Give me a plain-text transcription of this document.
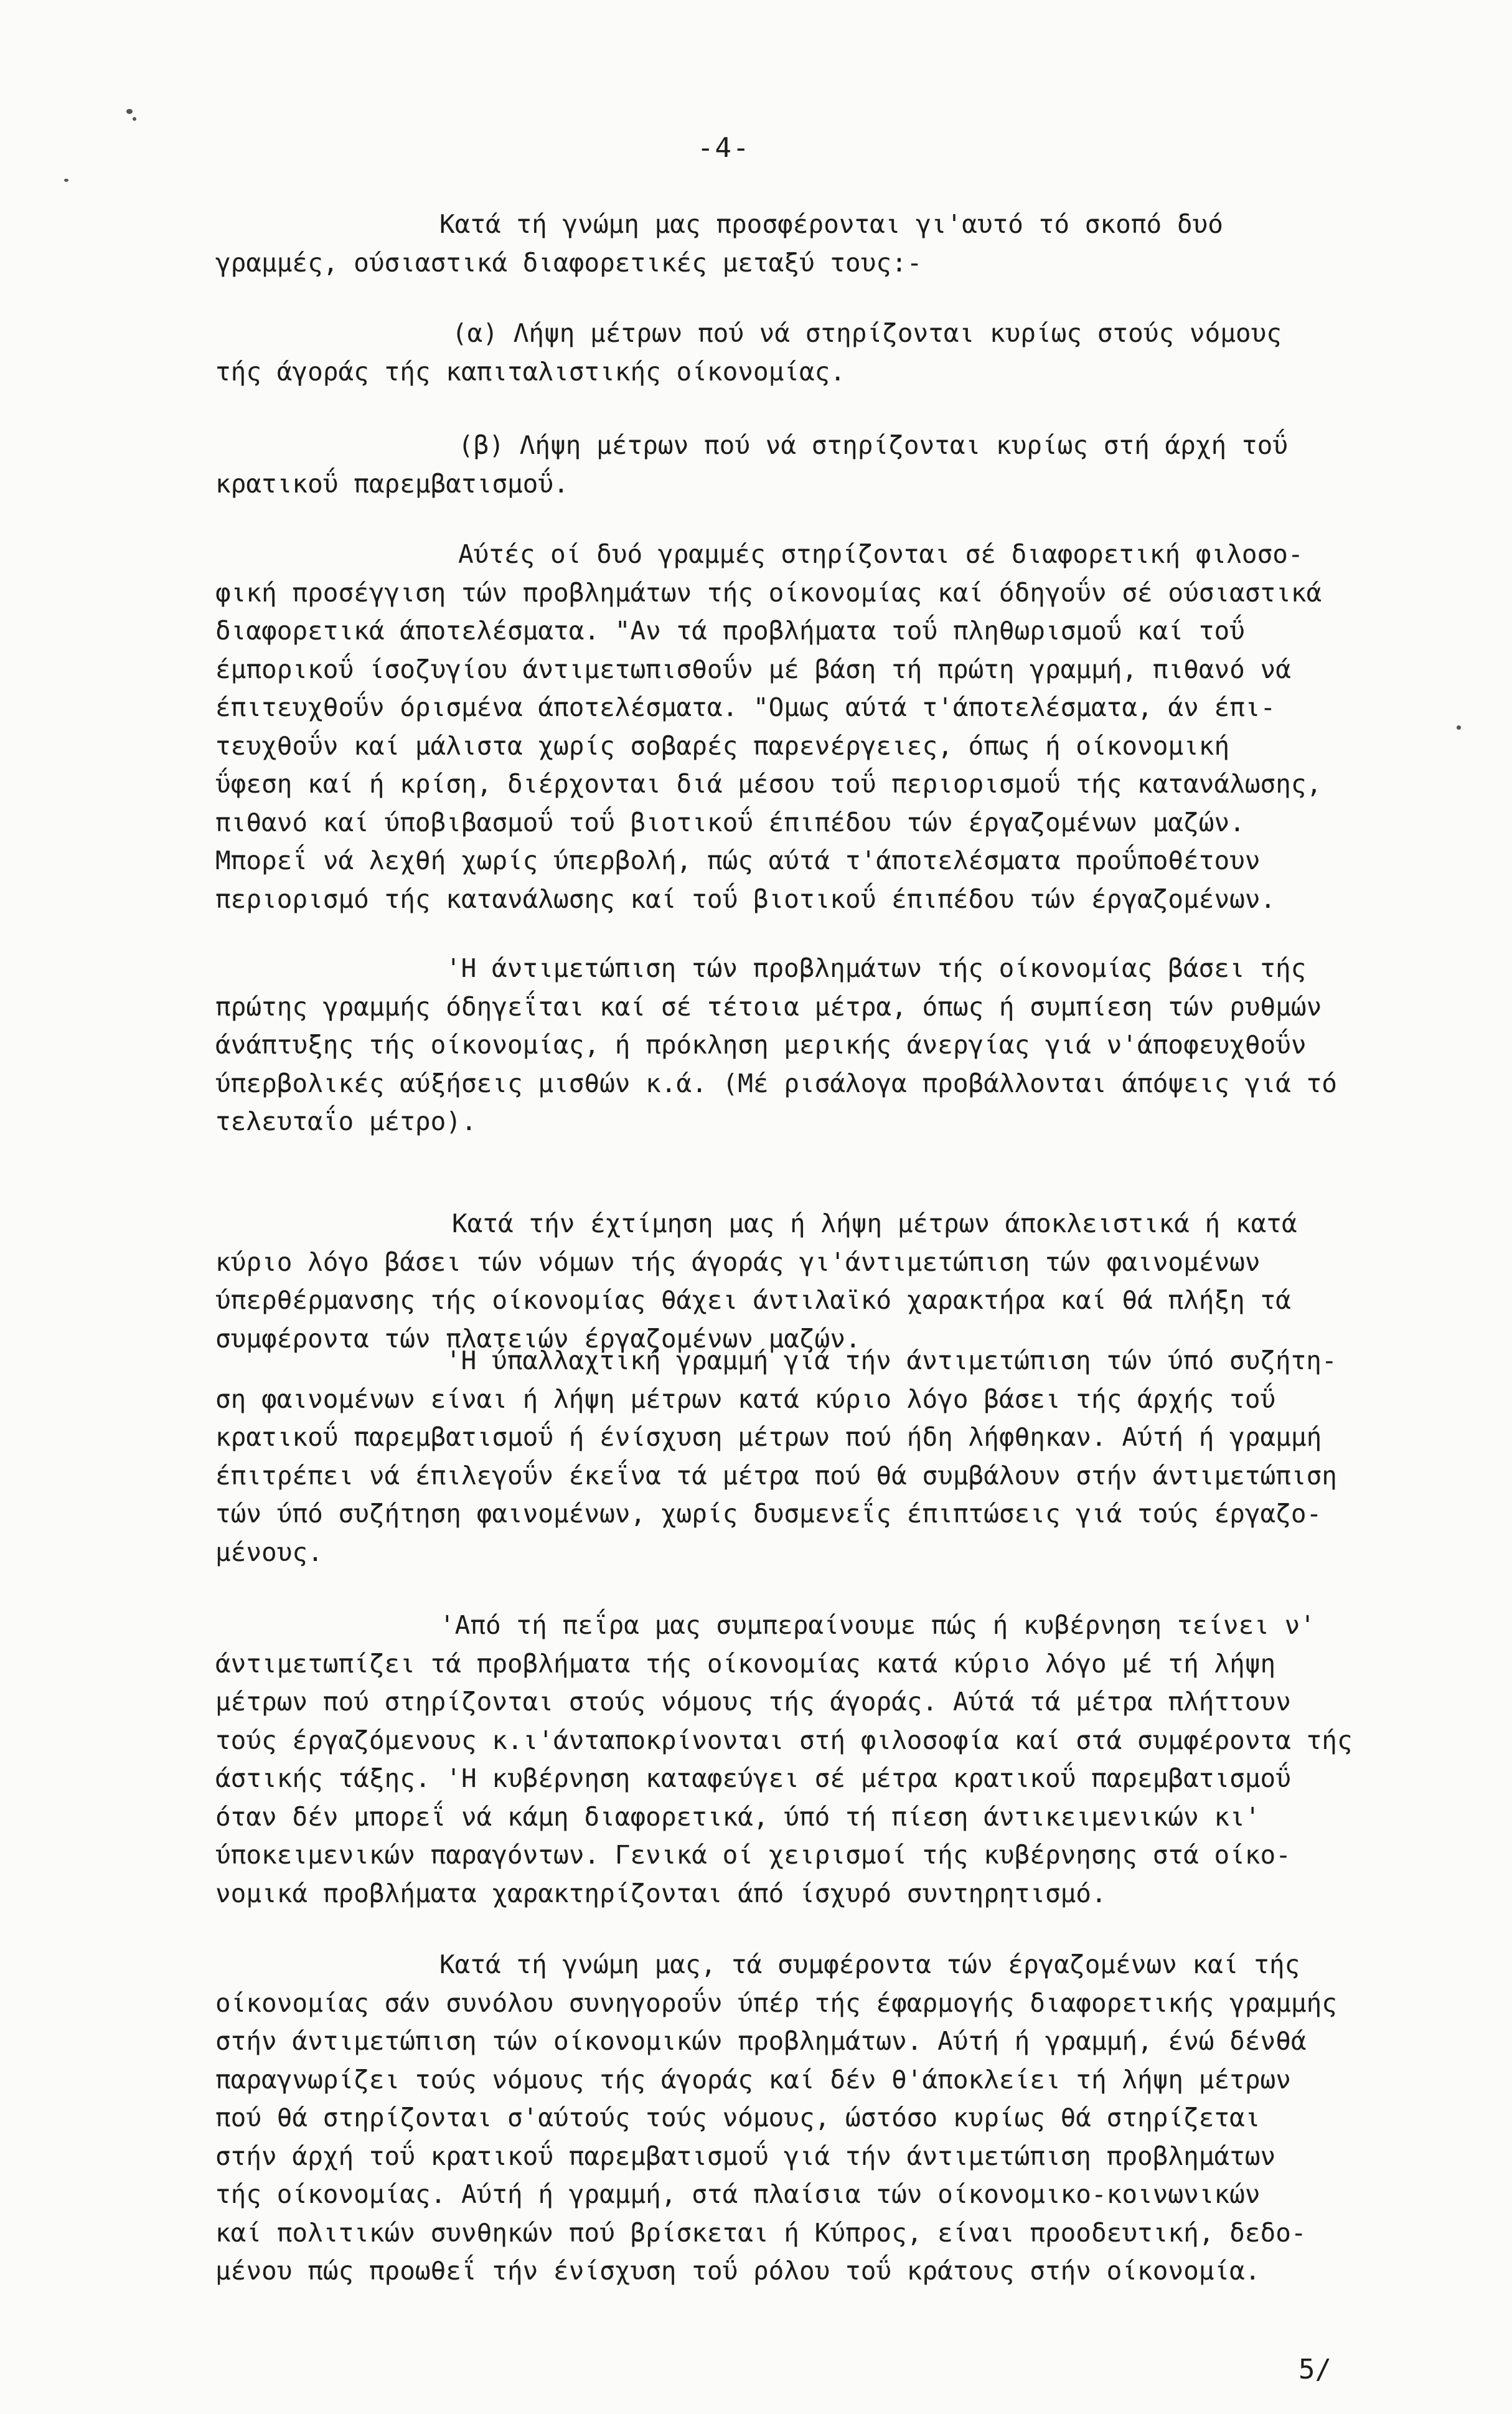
-4-

Κατά τή γνώμη μας προσφέρονται γι'αυτό τό σκοπό δυό
γραμμές, ούσιαστικά διαφορετικές μεταξύ τους:-

(α) Λήψη μέτρων πού νά στηρίζονται κυρίως στούς νόμους
τής άγοράς τής καπιταλιστικής οίκονομίας.

(β) Λήψη μέτρων πού νά στηρίζονται κυρίως στή άρχή τοΰ
κρατικοΰ παρεμβατισμοΰ.

Αύτές οί δυό γραμμές στηρίζονται σέ διαφορετική φιλοσο-
φική προσέγγιση τών προβλημάτων τής οίκονομίας καί όδηγοΰν σέ ούσιαστικά
διαφορετικά άποτελέσματα. "Αν τά προβλήματα τοΰ πληθωρισμοΰ καί τοΰ
έμπορικοΰ ίσοζυγίου άντιμετωπισθοΰν μέ βάση τή πρώτη γραμμή, πιθανό νά
έπιτευχθοΰν όρισμένα άποτελέσματα. "Ομως αύτά τ'άποτελέσματα, άν έπι-
τευχθοΰν καί μάλιστα χωρίς σοβαρές παρενέργειες, όπως ή οίκονομική
ΰφεση καί ή κρίση, διέρχονται διά μέσου τοΰ περιορισμοΰ τής κατανάλωσης,
πιθανό καί ύποβιβασμοΰ τοΰ βιοτικοΰ έπιπέδου τών έργαζομένων μαζών.
Μπορεΐ νά λεχθή χωρίς ύπερβολή, πώς αύτά τ'άποτελέσματα προΰποθέτουν
περιορισμό τής κατανάλωσης καί τοΰ βιοτικοΰ έπιπέδου τών έργαζομένων.

'Η άντιμετώπιση τών προβλημάτων τής οίκονομίας βάσει τής
πρώτης γραμμής όδηγεΐται καί σέ τέτοια μέτρα, όπως ή συμπίεση τών ρυθμών
άνάπτυξης τής οίκονομίας, ή πρόκληση μερικής άνεργίας γιά ν'άποφευχθοΰν
ύπερβολικές αύξήσεις μισθών κ.ά. (Μέ ρισάλογα προβάλλονται άπόψεις γιά τό
τελευταΐο μέτρο).

Κατά τήν έχτίμηση μας ή λήψη μέτρων άποκλειστικά ή κατά
κύριο λόγο βάσει τών νόμων τής άγοράς γι'άντιμετώπιση τών φαινομένων
ύπερθέρμανσης τής οίκονομίας θάχει άντιλαϊκό χαρακτήρα καί θά πλήξη τά
συμφέροντα τών πλατειών έργαζομένων μαζών.

'Η ύπαλλαχτική γραμμή γιά τήν άντιμετώπιση τών ύπό συζήτη-
ση φαινομένων είναι ή λήψη μέτρων κατά κύριο λόγο βάσει τής άρχής τοΰ
κρατικοΰ παρεμβατισμοΰ ή ένίσχυση μέτρων πού ήδη λήφθηκαν. Αύτή ή γραμμή
έπιτρέπει νά έπιλεγοΰν έκεΐνα τά μέτρα πού θά συμβάλουν στήν άντιμετώπιση
τών ύπό συζήτηση φαινομένων, χωρίς δυσμενεΐς έπιπτώσεις γιά τούς έργαζο-
μένους.

'Από τή πεΐρα μας συμπεραίνουμε πώς ή κυβέρνηση τείνει ν'
άντιμετωπίζει τά προβλήματα τής οίκονομίας κατά κύριο λόγο μέ τή λήψη
μέτρων πού στηρίζονται στούς νόμους τής άγοράς. Αύτά τά μέτρα πλήττουν
τούς έργαζόμενους κ.ι'άνταποκρίνονται στή φιλοσοφία καί στά συμφέροντα τής
άστικής τάξης. 'Η κυβέρνηση καταφεύγει σέ μέτρα κρατικοΰ παρεμβατισμοΰ
όταν δέν μπορεΐ νά κάμη διαφορετικά, ύπό τή πίεση άντικειμενικών κι'
ύποκειμενικών παραγόντων. Γενικά οί χειρισμοί τής κυβέρνησης στά οίκο-
νομικά προβλήματα χαρακτηρίζονται άπό ίσχυρό συντηρητισμό.

Κατά τή γνώμη μας, τά συμφέροντα τών έργαζομένων καί τής
οίκονομίας σάν συνόλου συνηγοροΰν ύπέρ τής έφαρμογής διαφορετικής γραμμής
στήν άντιμετώπιση τών οίκονομικών προβλημάτων. Αύτή ή γραμμή, ένώ δένθά
παραγνωρίζει τούς νόμους τής άγοράς καί δέν θ'άποκλείει τή λήψη μέτρων
πού θά στηρίζονται σ'αύτούς τούς νόμους, ώστόσο κυρίως θά στηρίζεται
στήν άρχή τοΰ κρατικοΰ παρεμβατισμοΰ γιά τήν άντιμετώπιση προβλημάτων
τής οίκονομίας. Αύτή ή γραμμή, στά πλαίσια τών οίκονομικο-κοινωνικών
καί πολιτικών συνθηκών πού βρίσκεται ή Κύπρος, είναι προοδευτική, δεδο-
μένου πώς προωθεΐ τήν ένίσχυση τοΰ ρόλου τοΰ κράτους στήν οίκονομία.

5/
